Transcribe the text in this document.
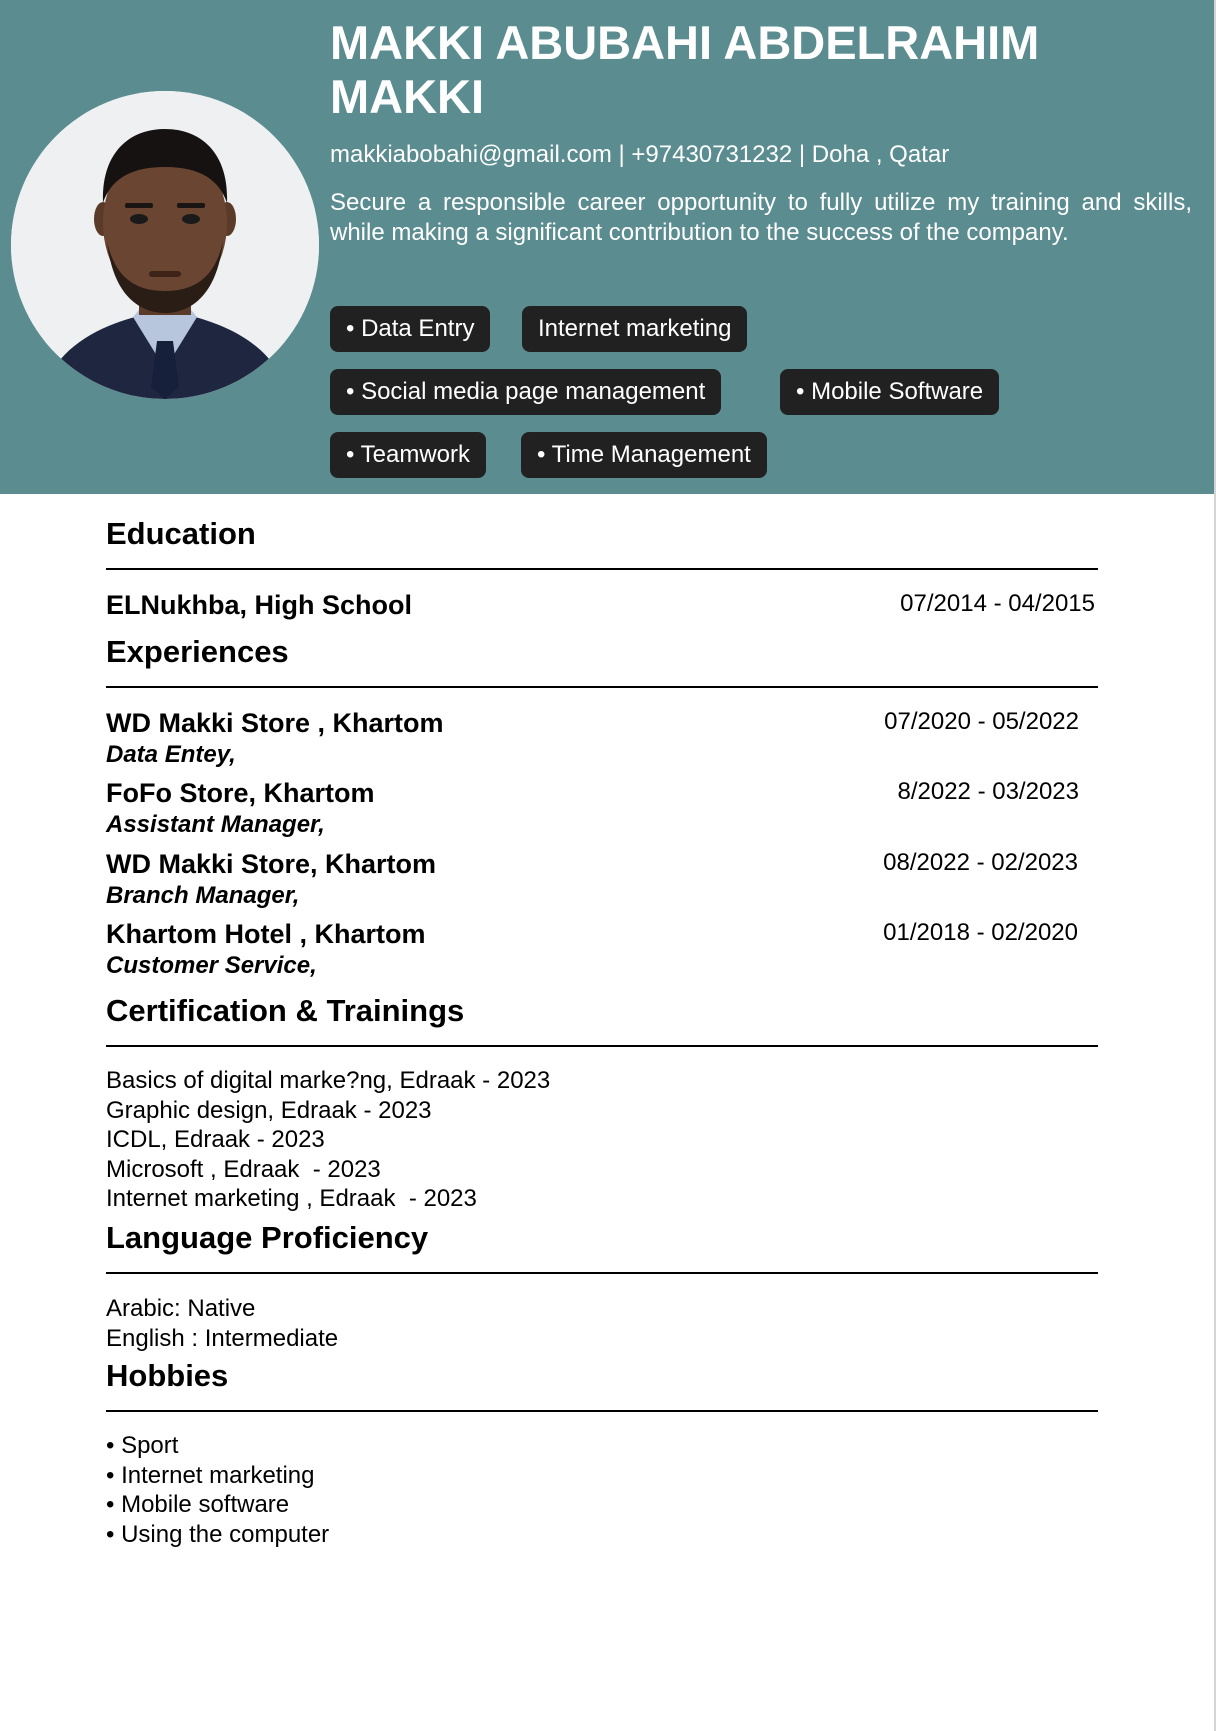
MAKKI ABUBAHI ABDELRAHIM
MAKKI
makkiabobahi@gmail.com | +97430731232 | Doha , Qatar
Secure a responsible career opportunity to fully utilize my training and skills, while making a significant contribution to the success of the company.
• Data Entry	Internet marketing
• Social media page management	• Mobile Software
• Teamwork	• Time Management
Education
ELNukhba, High School	07/2014 - 04/2015
Experiences
WD Makki Store , Khartom	07/2020 - 05/2022
Data Entey,
FoFo Store, Khartom	8/2022 - 03/2023
Assistant Manager,
WD Makki Store, Khartom	08/2022 - 02/2023
Branch Manager,
Khartom Hotel , Khartom	01/2018 - 02/2020
Customer Service,
Certification & Trainings
Basics of digital marke?ng, Edraak - 2023
Graphic design, Edraak - 2023
ICDL, Edraak - 2023
Microsoft , Edraak  - 2023
Internet marketing , Edraak  - 2023
Language Proficiency
Arabic: Native
English : Intermediate
Hobbies
• Sport
• Internet marketing
• Mobile software
• Using the computer
